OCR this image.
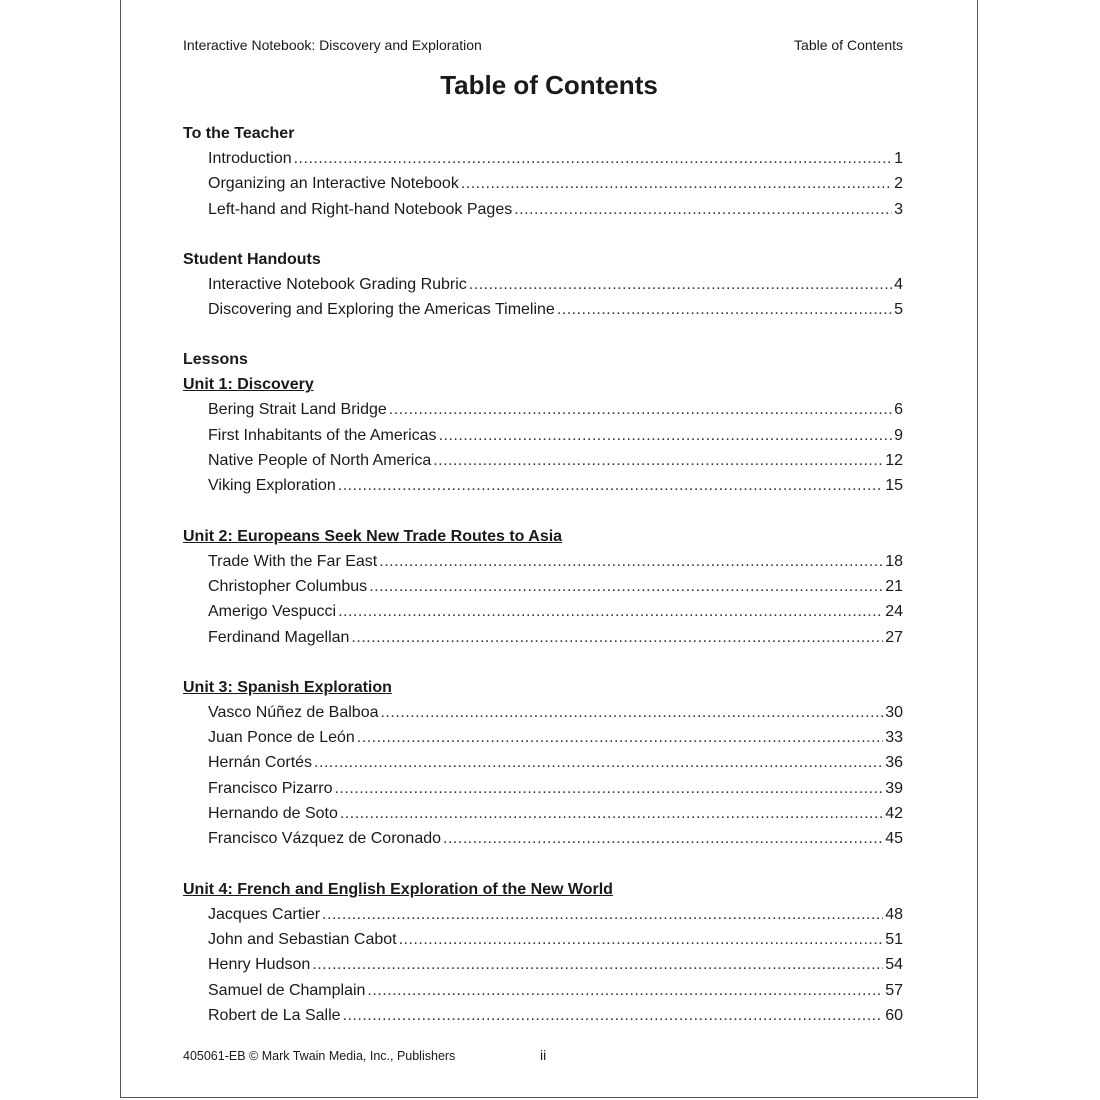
Interactive Notebook: Discovery and Exploration	Table of Contents
Table of Contents
To the Teacher
Introduction .....	1
Organizing an Interactive Notebook .....	2
Left-hand and Right-hand Notebook Pages .....	3
Student Handouts
Interactive Notebook Grading Rubric .....	4
Discovering and Exploring the Americas Timeline .....	5
Lessons
Unit 1: Discovery
Bering Strait Land Bridge .....	6
First Inhabitants of the Americas .....	9
Native People of North America .....	12
Viking Exploration .....	15
Unit 2: Europeans Seek New Trade Routes to Asia
Trade With the Far East .....	18
Christopher Columbus .....	21
Amerigo Vespucci .....	24
Ferdinand Magellan .....	27
Unit 3: Spanish Exploration
Vasco Núñez de Balboa .....	30
Juan Ponce de León .....	33
Hernán Cortés .....	36
Francisco Pizarro .....	39
Hernando de Soto .....	42
Francisco Vázquez de Coronado .....	45
Unit 4: French and English Exploration of the New World
Jacques Cartier .....	48
John and Sebastian Cabot .....	51
Henry Hudson .....	54
Samuel de Champlain .....	57
Robert de La Salle .....	60
405061-EB © Mark Twain Media, Inc., Publishers	ii
